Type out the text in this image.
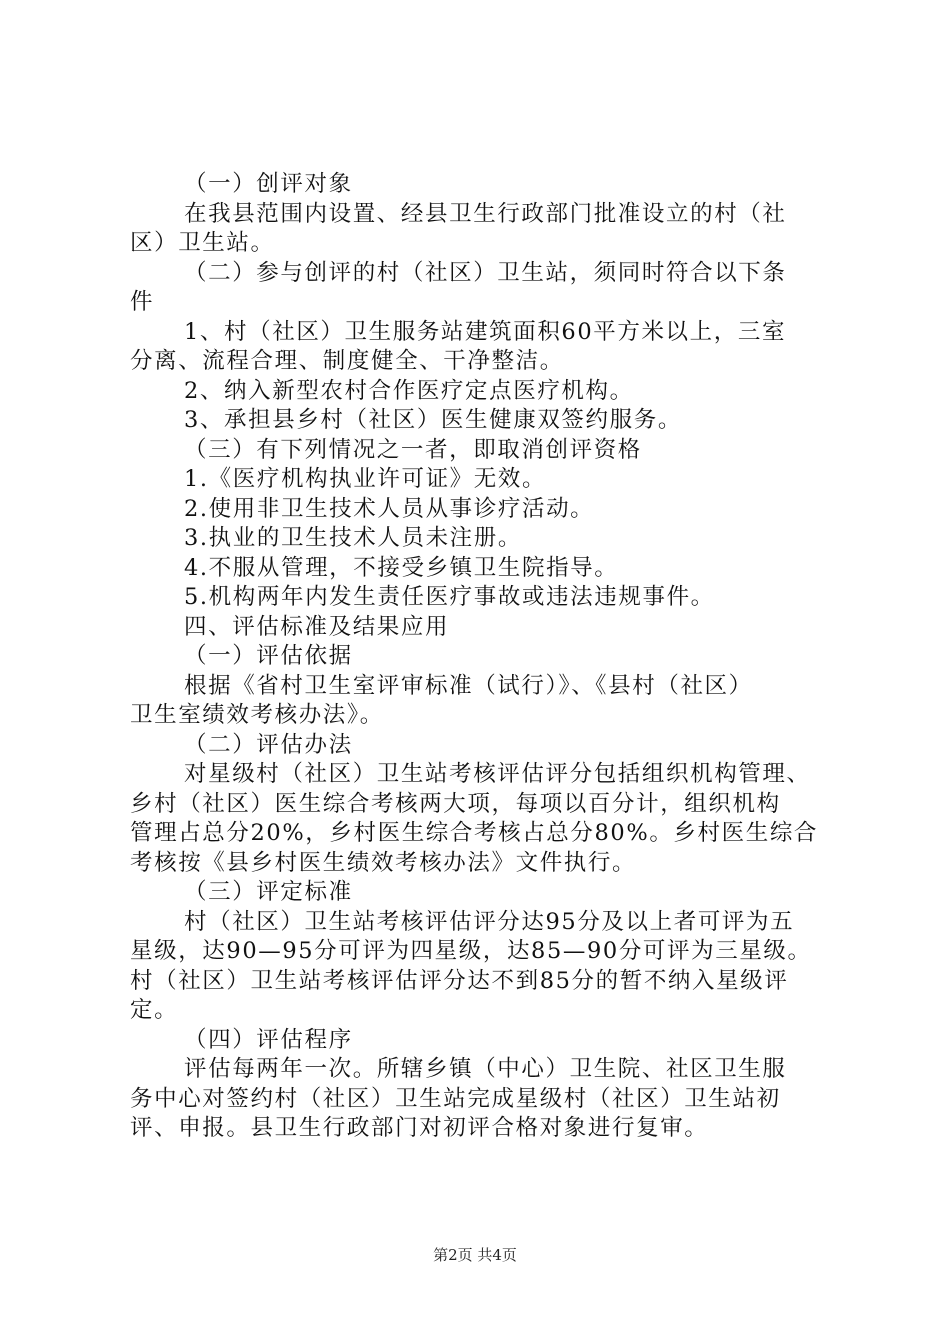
（一）创评对象
在我县范围内设置、经县卫生行政部门批准设立的村（社
区）卫生站。
（二）参与创评的村（社区）卫生站，须同时符合以下条
件
1、村（社区）卫生服务站建筑面积60平方米以上，三室
分离、流程合理、制度健全、干净整洁。
2、纳入新型农村合作医疗定点医疗机构。
3、承担县乡村（社区）医生健康双签约服务。
（三）有下列情况之一者，即取消创评资格
1.《医疗机构执业许可证》无效。
2.使用非卫生技术人员从事诊疗活动。
3.执业的卫生技术人员未注册。
4.不服从管理，不接受乡镇卫生院指导。
5.机构两年内发生责任医疗事故或违法违规事件。
四、评估标准及结果应用
（一）评估依据
根据《省村卫生室评审标准（试行）》、《县村（社区）
卫生室绩效考核办法》。
（二）评估办法
对星级村（社区）卫生站考核评估评分包括组织机构管理、
乡村（社区）医生综合考核两大项，每项以百分计，组织机构
管理占总分20%，乡村医生综合考核占总分80%。乡村医生综合
考核按《县乡村医生绩效考核办法》文件执行。
（三）评定标准
村（社区）卫生站考核评估评分达95分及以上者可评为五
星级，达90—95分可评为四星级，达85—90分可评为三星级。
村（社区）卫生站考核评估评分达不到85分的暂不纳入星级评
定。
（四）评估程序
评估每两年一次。所辖乡镇（中心）卫生院、社区卫生服
务中心对签约村（社区）卫生站完成星级村（社区）卫生站初
评、申报。县卫生行政部门对初评合格对象进行复审。
第2页 共4页
